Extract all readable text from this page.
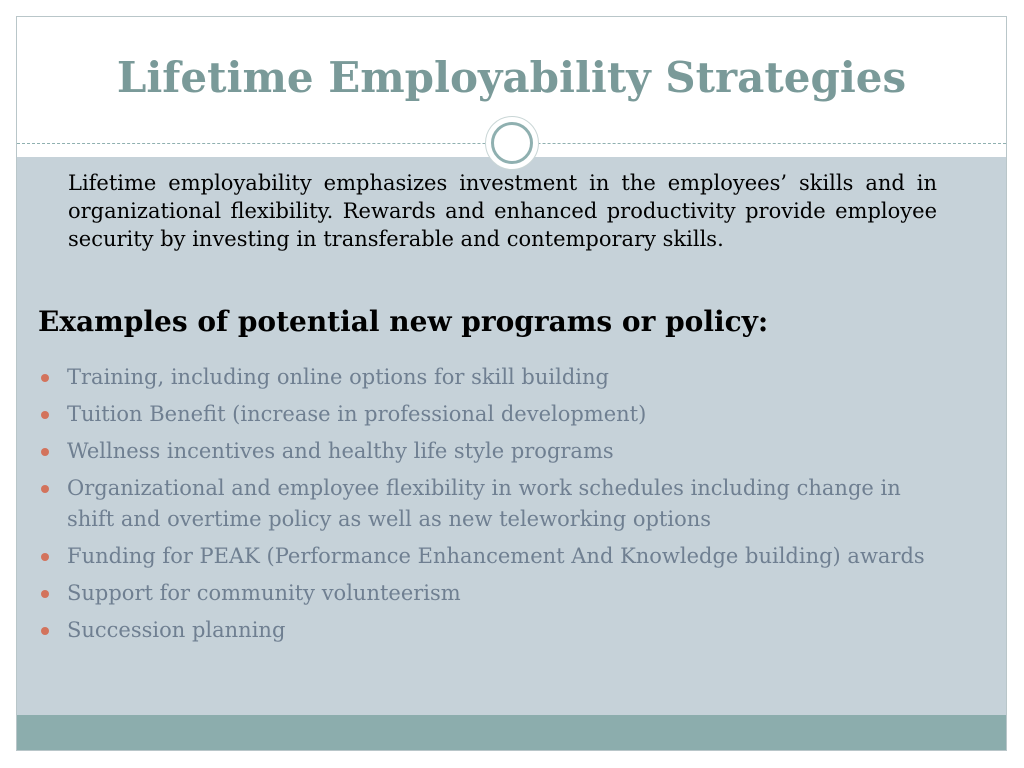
Lifetime Employability Strategies

Lifetime employability emphasizes investment in the employees’ skills and in organizational flexibility. Rewards and enhanced productivity provide employee security by investing in transferable and contemporary skills.

Examples of potential new programs or policy:
Training, including online options for skill building
Tuition Benefit (increase in professional development)
Wellness incentives and healthy life style programs
Organizational and employee flexibility in work schedules including change in shift and overtime policy as well as new teleworking options
Funding for PEAK (Performance Enhancement And Knowledge building) awards
Support for community volunteerism
Succession planning
